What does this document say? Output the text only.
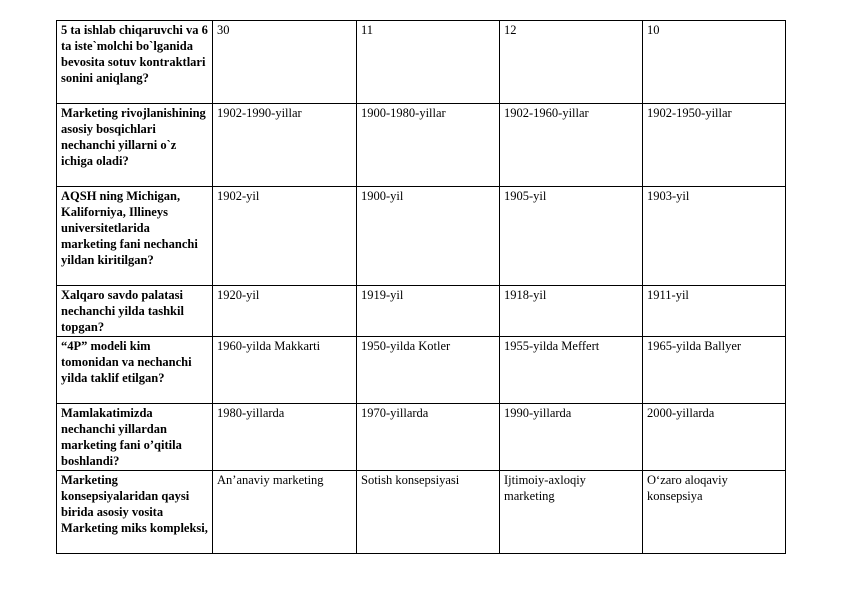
5 ta ishlab chiqaruvchi va 6 ta iste`molchi bo`lganida bevosita sotuv kontraktlari sonini aniqlang?	30	11	12	10
Marketing rivojlanishining asosiy bosqichlari nechanchi yillarni o`z ichiga oladi?	1902-1990-yillar	1900-1980-yillar	1902-1960-yillar	1902-1950-yillar
AQSH ning Michigan, Kaliforniya, Illineys universitetlarida marketing fani nechanchi yildan kiritilgan?	1902-yil	1900-yil	1905-yil	1903-yil
Xalqaro savdo palatasi nechanchi yilda tashkil topgan?	1920-yil	1919-yil	1918-yil	1911-yil
“4P” modeli kim tomonidan va nechanchi yilda taklif etilgan?	1960-yilda Makkarti	1950-yilda Kotler	1955-yilda Meffert	1965-yilda Ballyer
Mamlakatimizda nechanchi yillardan marketing fani o’qitila boshlandi?	1980-yillarda	1970-yillarda	1990-yillarda	2000-yillarda
Marketing konsepsiyalaridan qaysi birida asosiy vosita Marketing miks kompleksi,	An’anaviy marketing	Sotish konsepsiyasi	Ijtimoiy-axloqiy marketing	O‘zaro aloqaviy konsepsiya
